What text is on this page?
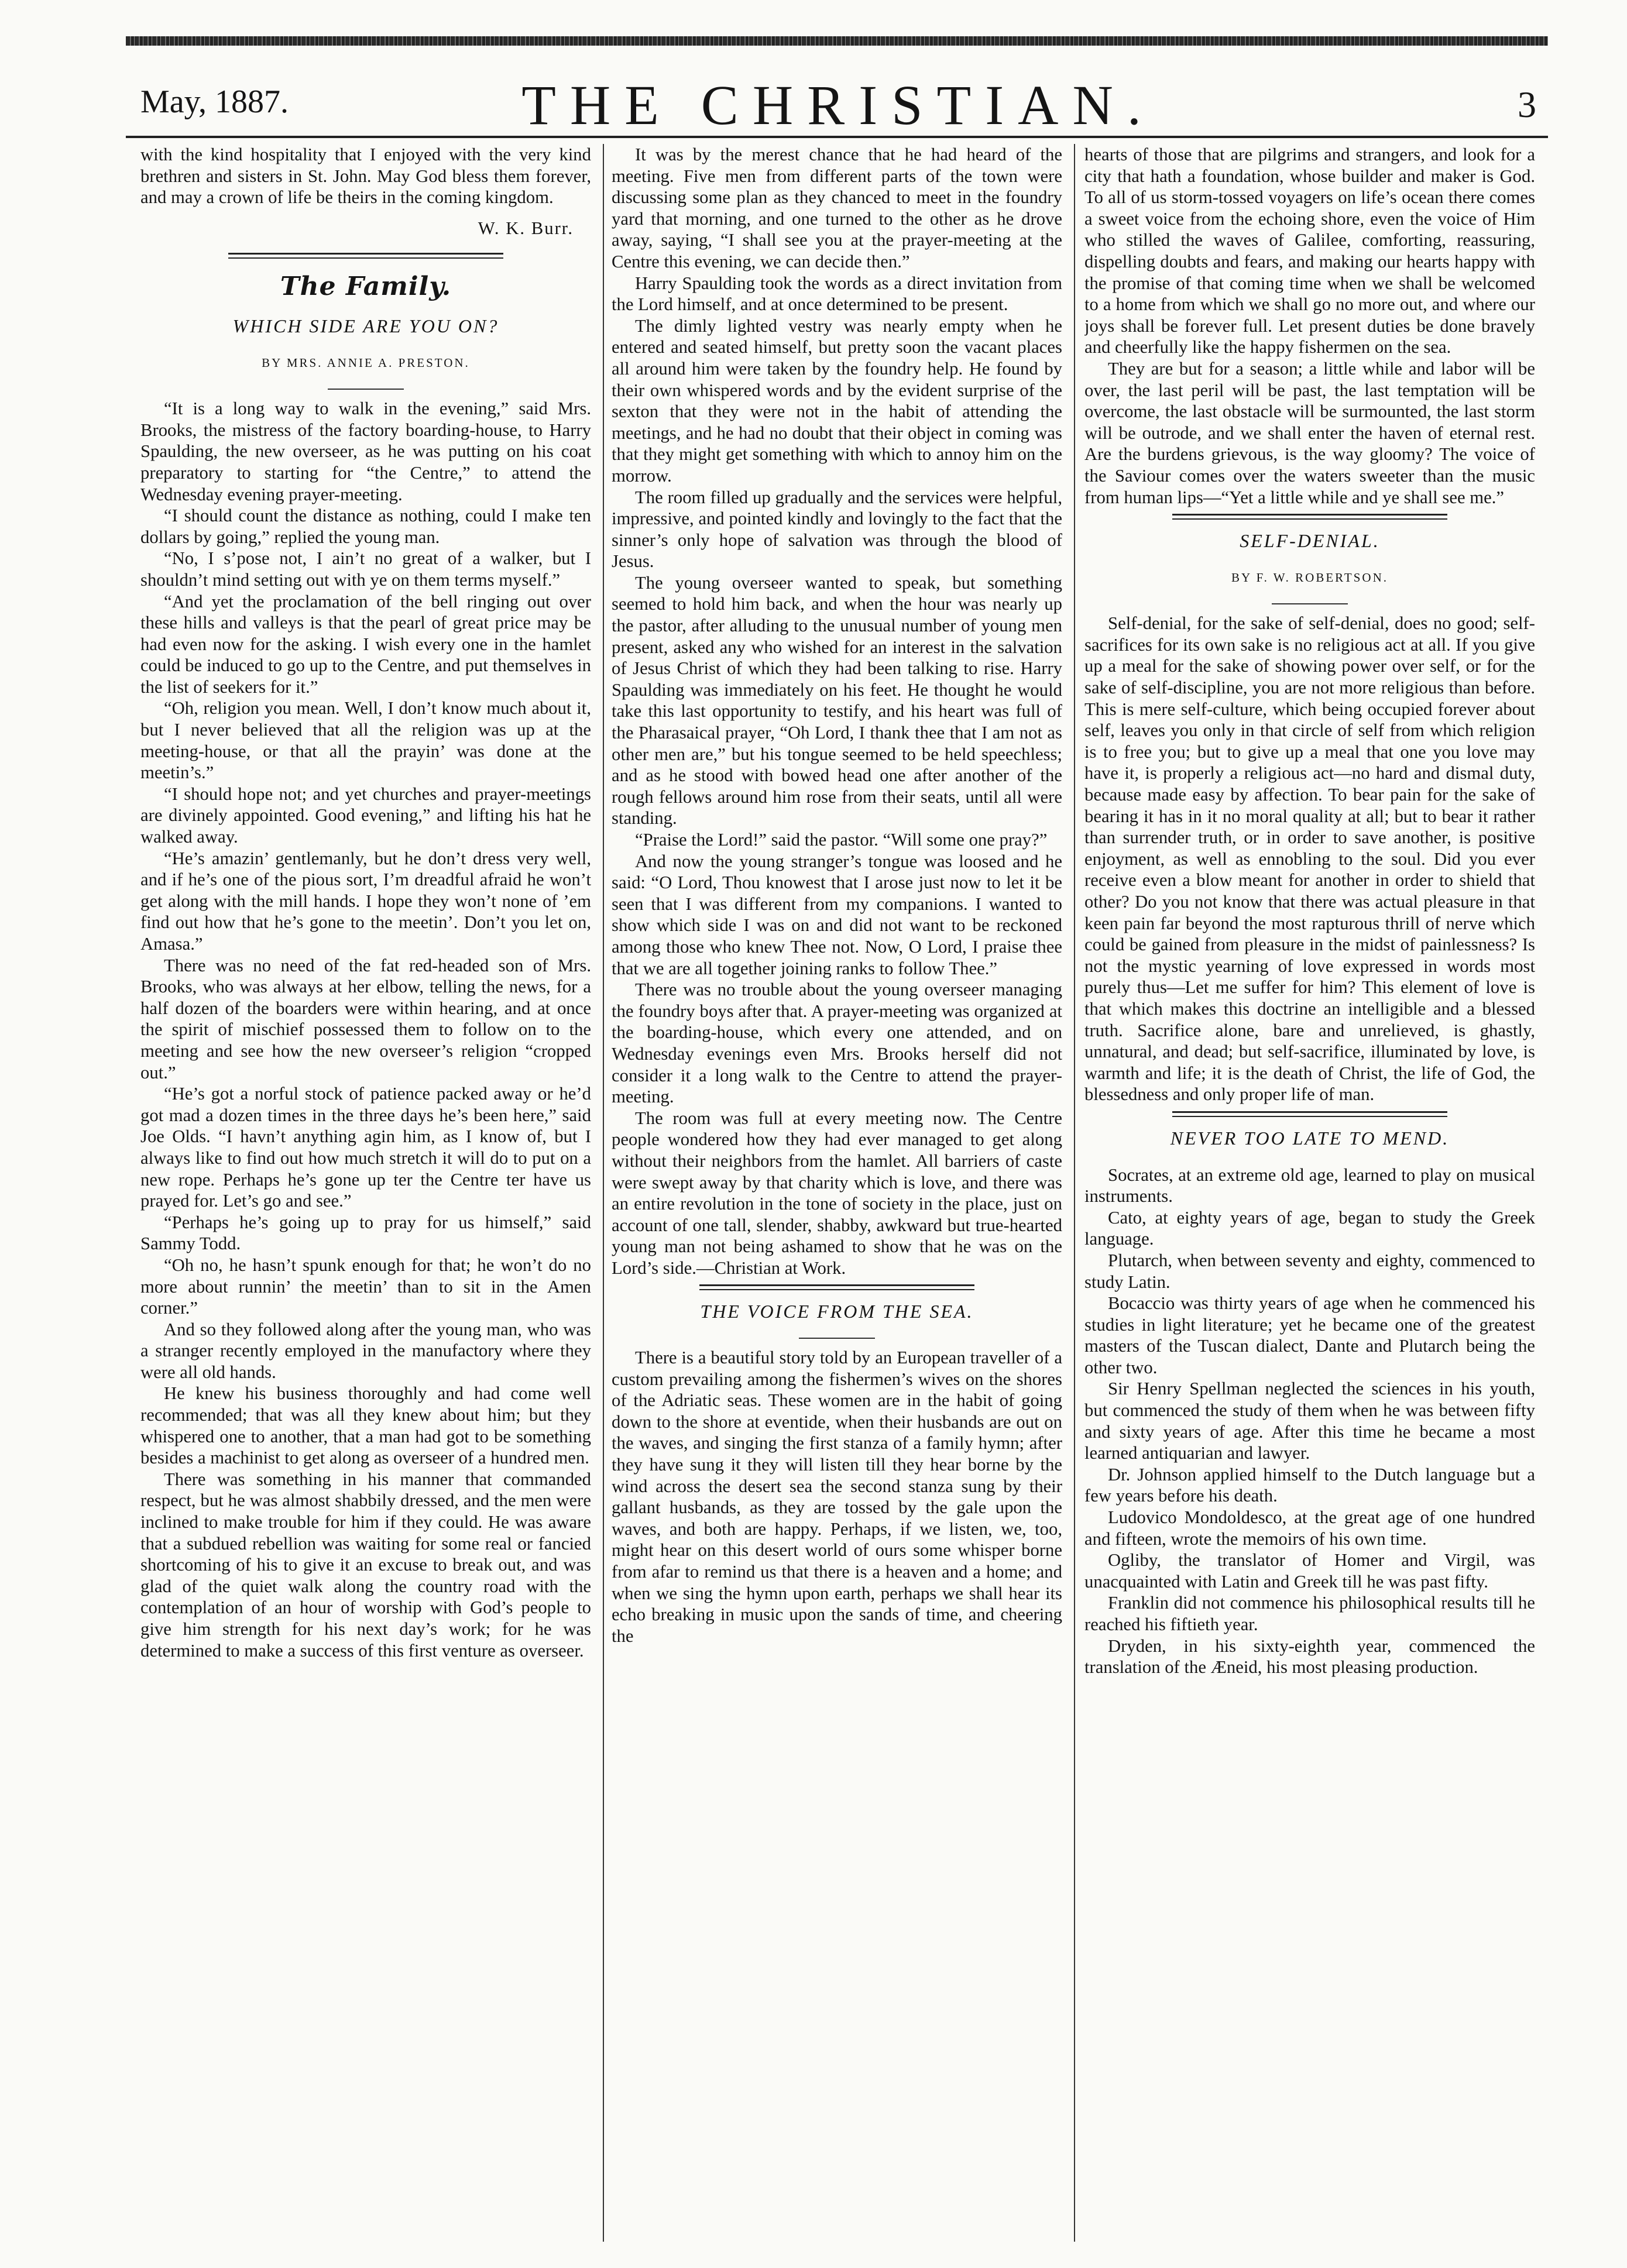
May, 1887.	THE CHRISTIAN.	3

with the kind hospitality that I enjoyed with the very kind brethren and sisters in St. John. May God bless them forever, and may a crown of life be theirs in the coming kingdom.

W. K. Burr.
The Family.
WHICH SIDE ARE YOU ON?
BY MRS. ANNIE A. PRESTON.

“It is a long way to walk in the evening,” said Mrs. Brooks, the mistress of the factory boarding-house, to Harry Spaulding, the new overseer, as he was putting on his coat preparatory to starting for “the Centre,” to attend the Wednesday evening prayer-meeting.

“I should count the distance as nothing, could I make ten dollars by going,” replied the young man.

“No, I s’pose not, I ain’t no great of a walker, but I shouldn’t mind setting out with ye on them terms myself.”

“And yet the proclamation of the bell ringing out over these hills and valleys is that the pearl of great price may be had even now for the asking. I wish every one in the hamlet could be induced to go up to the Centre, and put themselves in the list of seekers for it.”

“Oh, religion you mean. Well, I don’t know much about it, but I never believed that all the religion was up at the meeting-house, or that all the prayin’ was done at the meetin’s.”

“I should hope not; and yet churches and prayer-meetings are divinely appointed. Good evening,” and lifting his hat he walked away.

“He’s amazin’ gentlemanly, but he don’t dress very well, and if he’s one of the pious sort, I’m dreadful afraid he won’t get along with the mill hands. I hope they won’t none of ’em find out how that he’s gone to the meetin’. Don’t you let on, Amasa.”

There was no need of the fat red-headed son of Mrs. Brooks, who was always at her elbow, telling the news, for a half dozen of the boarders were within hearing, and at once the spirit of mischief possessed them to follow on to the meeting and see how the new overseer’s religion “cropped out.”

“He’s got a norful stock of patience packed away or he’d got mad a dozen times in the three days he’s been here,” said Joe Olds. “I havn’t anything agin him, as I know of, but I always like to find out how much stretch it will do to put on a new rope. Perhaps he’s gone up ter the Centre ter have us prayed for. Let’s go and see.”

“Perhaps he’s going up to pray for us himself,” said Sammy Todd.

“Oh no, he hasn’t spunk enough for that; he won’t do no more about runnin’ the meetin’ than to sit in the Amen corner.”

And so they followed along after the young man, who was a stranger recently employed in the manufactory where they were all old hands.

He knew his business thoroughly and had come well recommended; that was all they knew about him; but they whispered one to another, that a man had got to be something besides a machinist to get along as overseer of a hundred men.

There was something in his manner that commanded respect, but he was almost shabbily dressed, and the men were inclined to make trouble for him if they could. He was aware that a subdued rebellion was waiting for some real or fancied shortcoming of his to give it an excuse to break out, and was glad of the quiet walk along the country road with the contemplation of an hour of worship with God’s people to give him strength for his next day’s work; for he was determined to make a success of this first venture as overseer.

It was by the merest chance that he had heard of the meeting. Five men from different parts of the town were discussing some plan as they chanced to meet in the foundry yard that morning, and one turned to the other as he drove away, saying, “I shall see you at the prayer-meeting at the Centre this evening, we can decide then.”

Harry Spaulding took the words as a direct invitation from the Lord himself, and at once determined to be present.

The dimly lighted vestry was nearly empty when he entered and seated himself, but pretty soon the vacant places all around him were taken by the foundry help. He found by their own whispered words and by the evident surprise of the sexton that they were not in the habit of attending the meetings, and he had no doubt that their object in coming was that they might get something with which to annoy him on the morrow.

The room filled up gradually and the services were helpful, impressive, and pointed kindly and lovingly to the fact that the sinner’s only hope of salvation was through the blood of Jesus.

The young overseer wanted to speak, but something seemed to hold him back, and when the hour was nearly up the pastor, after alluding to the unusual number of young men present, asked any who wished for an interest in the salvation of Jesus Christ of which they had been talking to rise. Harry Spaulding was immediately on his feet. He thought he would take this last opportunity to testify, and his heart was full of the Pharasaical prayer, “Oh Lord, I thank thee that I am not as other men are,” but his tongue seemed to be held speechless; and as he stood with bowed head one after another of the rough fellows around him rose from their seats, until all were standing.

“Praise the Lord!” said the pastor. “Will some one pray?”

And now the young stranger’s tongue was loosed and he said: “O Lord, Thou knowest that I arose just now to let it be seen that I was different from my companions. I wanted to show which side I was on and did not want to be reckoned among those who knew Thee not. Now, O Lord, I praise thee that we are all together joining ranks to follow Thee.”

There was no trouble about the young overseer managing the foundry boys after that. A prayer-meeting was organized at the boarding-house, which every one attended, and on Wednesday evenings even Mrs. Brooks herself did not consider it a long walk to the Centre to attend the prayer-meeting.

The room was full at every meeting now. The Centre people wondered how they had ever managed to get along without their neighbors from the hamlet. All barriers of caste were swept away by that charity which is love, and there was an entire revolution in the tone of society in the place, just on account of one tall, slender, shabby, awkward but true-hearted young man not being ashamed to show that he was on the Lord’s side.—Christian at Work.

THE VOICE FROM THE SEA.

There is a beautiful story told by an European traveller of a custom prevailing among the fishermen’s wives on the shores of the Adriatic seas. These women are in the habit of going down to the shore at eventide, when their husbands are out on the waves, and singing the first stanza of a family hymn; after they have sung it they will listen till they hear borne by the wind across the desert sea the second stanza sung by their gallant husbands, as they are tossed by the gale upon the waves, and both are happy. Perhaps, if we listen, we, too, might hear on this desert world of ours some whisper borne from afar to remind us that there is a heaven and a home; and when we sing the hymn upon earth, perhaps we shall hear its echo breaking in music upon the sands of time, and cheering the

hearts of those that are pilgrims and strangers, and look for a city that hath a foundation, whose builder and maker is God. To all of us storm-tossed voyagers on life’s ocean there comes a sweet voice from the echoing shore, even the voice of Him who stilled the waves of Galilee, comforting, reassuring, dispelling doubts and fears, and making our hearts happy with the promise of that coming time when we shall be welcomed to a home from which we shall go no more out, and where our joys shall be forever full. Let present duties be done bravely and cheerfully like the happy fishermen on the sea.

They are but for a season; a little while and labor will be over, the last peril will be past, the last temptation will be overcome, the last obstacle will be surmounted, the last storm will be outrode, and we shall enter the haven of eternal rest. Are the burdens grievous, is the way gloomy? The voice of the Saviour comes over the waters sweeter than the music from human lips—“Yet a little while and ye shall see me.”

SELF-DENIAL.
BY F. W. ROBERTSON.

Self-denial, for the sake of self-denial, does no good; self-sacrifices for its own sake is no religious act at all. If you give up a meal for the sake of showing power over self, or for the sake of self-discipline, you are not more religious than before. This is mere self-culture, which being occupied forever about self, leaves you only in that circle of self from which religion is to free you; but to give up a meal that one you love may have it, is properly a religious act—no hard and dismal duty, because made easy by affection. To bear pain for the sake of bearing it has in it no moral quality at all; but to bear it rather than surrender truth, or in order to save another, is positive enjoyment, as well as ennobling to the soul. Did you ever receive even a blow meant for another in order to shield that other? Do you not know that there was actual pleasure in that keen pain far beyond the most rapturous thrill of nerve which could be gained from pleasure in the midst of painlessness? Is not the mystic yearning of love expressed in words most purely thus—Let me suffer for him? This element of love is that which makes this doctrine an intelligible and a blessed truth. Sacrifice alone, bare and unrelieved, is ghastly, unnatural, and dead; but self-sacrifice, illuminated by love, is warmth and life; it is the death of Christ, the life of God, the blessedness and only proper life of man.

NEVER TOO LATE TO MEND.

Socrates, at an extreme old age, learned to play on musical instruments.

Cato, at eighty years of age, began to study the Greek language.

Plutarch, when between seventy and eighty, commenced to study Latin.

Bocaccio was thirty years of age when he commenced his studies in light literature; yet he became one of the greatest masters of the Tuscan dialect, Dante and Plutarch being the other two.

Sir Henry Spellman neglected the sciences in his youth, but commenced the study of them when he was between fifty and sixty years of age. After this time he became a most learned antiquarian and lawyer.

Dr. Johnson applied himself to the Dutch language but a few years before his death.

Ludovico Mondoldesco, at the great age of one hundred and fifteen, wrote the memoirs of his own time.

Ogliby, the translator of Homer and Virgil, was unacquainted with Latin and Greek till he was past fifty.

Franklin did not commence his philosophical results till he reached his fiftieth year.

Dryden, in his sixty-eighth year, commenced the translation of the Æneid, his most pleasing production.
